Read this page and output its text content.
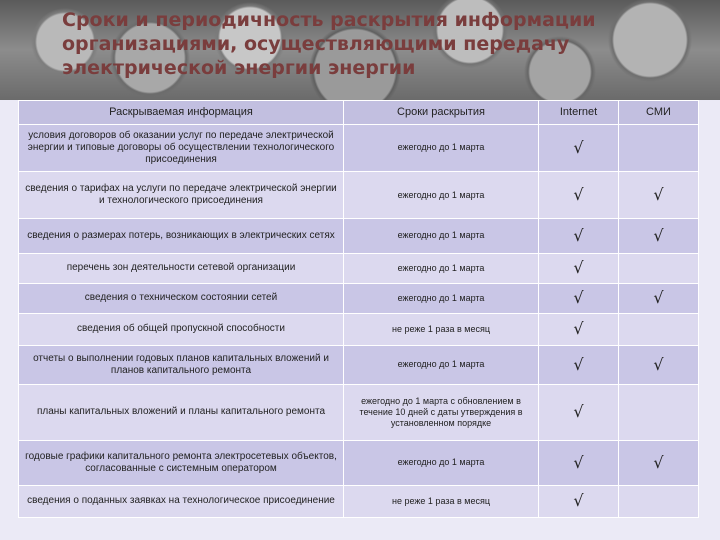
Сроки и периодичность раскрытия информации организациями, осуществляющими передачу электрической энергии энергии
Раскрываемая информация	Сроки раскрытия	Internet	СМИ
условия договоров об оказании услуг по передаче электрической энергии и типовые договоры об осуществлении технологического присоединения	ежегодно до 1 марта	√	
сведения о тарифах на услуги по передаче электрической энергии и технологического присоединения	ежегодно до 1 марта	√	√
сведения о размерах потерь, возникающих в электрических сетях	ежегодно до 1 марта	√	√
перечень зон деятельности сетевой организации	ежегодно до 1 марта	√	
сведения о техническом состоянии сетей	ежегодно до 1 марта	√	√
сведения об общей пропускной способности	не реже 1 раза в месяц	√	
отчеты о выполнении годовых планов капитальных вложений и планов капитального ремонта	ежегодно до 1 марта	√	√
планы капитальных вложений и планы капитального ремонта	ежегодно до 1 марта с обновлением в течение 10 дней с даты утверждения в установленном порядке	√	
годовые графики капитального ремонта электросетевых объектов, согласованные с системным оператором	ежегодно до 1 марта	√	√
сведения о поданных заявках на технологическое присоединение	не реже 1 раза в месяц	√	
